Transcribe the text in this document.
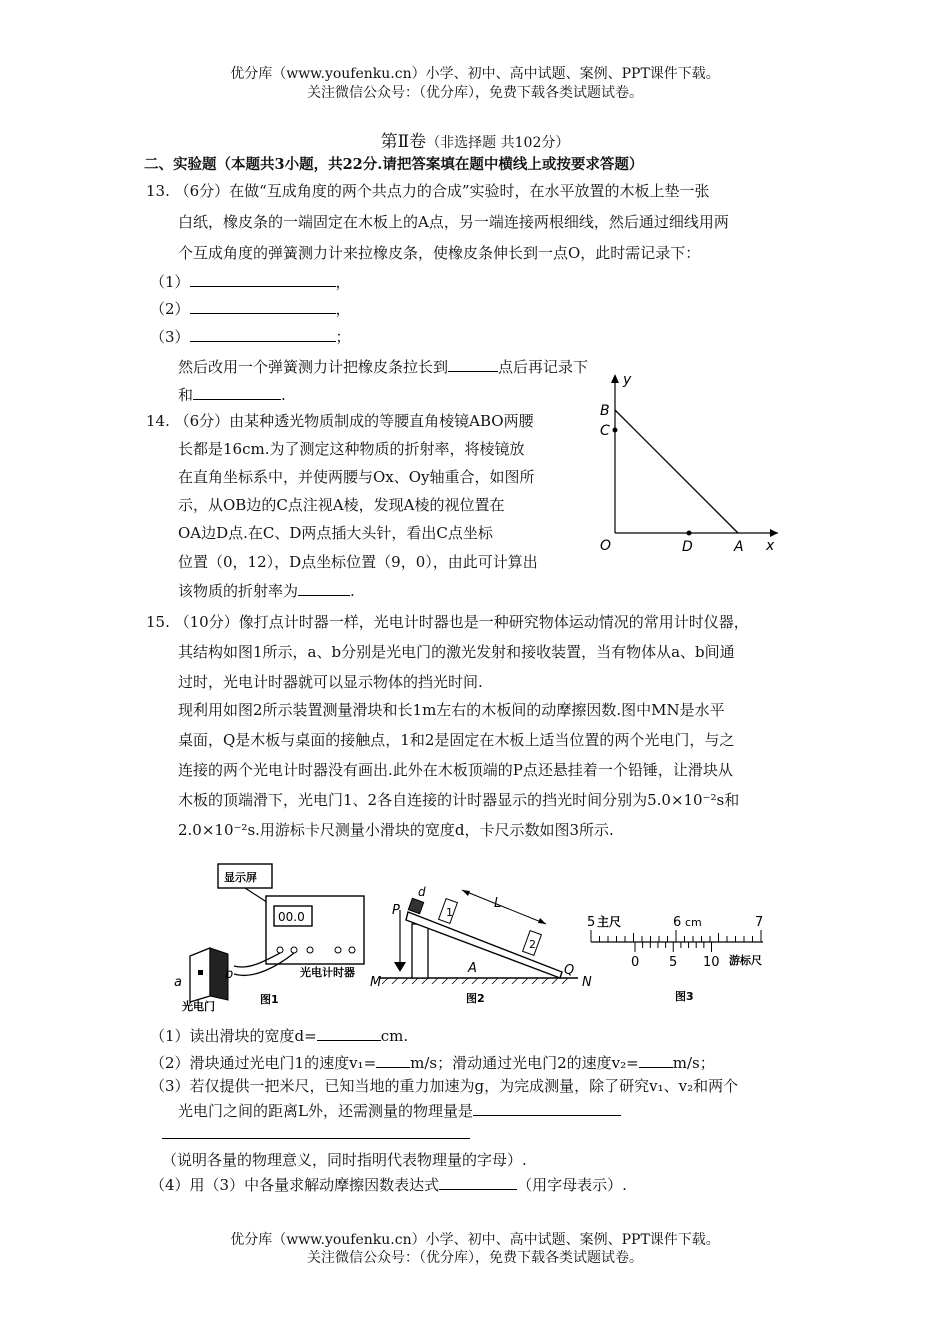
优分库（www.youfenku.cn）小学、初中、高中试题、案例、PPT课件下载。
关注微信公众号：（优分库），免费下载各类试题试卷。
第Ⅱ卷（非选择题 共102分）
二、实验题（本题共3小题，共22分.请把答案填在题中横线上或按要求答题）
13. （6分）在做“互成角度的两个共点力的合成”实验时，在水平放置的木板上垫一张
白纸，橡皮条的一端固定在木板上的A点，另一端连接两根细线，然后通过细线用两
个互成角度的弹簧测力计来拉橡皮条，使橡皮条伸长到一点O，此时需记录下：
（1）	，
（2）	，
（3）	；
然后改用一个弹簧测力计把橡皮条拉长到	点后再记录下
和	.
14. （6分）由某种透光物质制成的等腰直角棱镜ABO两腰
长都是16cm.为了测定这种物质的折射率，将棱镜放
在直角坐标系中，并使两腰与Ox、Oy轴重合，如图所
示，从OB边的C点注视A棱，发现A棱的视位置在
OA边D点.在C、D两点插大头针，看出C点坐标
位置（0，12），D点坐标位置（9，0），由此可计算出
该物质的折射率为	.
y
x
B
C
O	D	A
15. （10分）像打点计时器一样，光电计时器也是一种研究物体运动情况的常用计时仪器，
其结构如图1所示，a、b分别是光电门的激光发射和接收装置，当有物体从a、b间通
过时，光电计时器就可以显示物体的挡光时间.
现利用如图2所示装置测量滑块和长1m左右的木板间的动摩擦因数.图中MN是水平
桌面，Q是木板与桌面的接触点，1和2是固定在木板上适当位置的两个光电门，与之
连接的两个光电计时器没有画出.此外在木板顶端的P点还悬挂着一个铅锤，让滑块从
木板的顶端滑下，光电门1、2各自连接的计时器显示的挡光时间分别为5.0×10⁻²s和
2.0×10⁻²s.用游标卡尺测量小滑块的宽度d，卡尺示数如图3所示.
显示屏
00.0
光电计时器
a
b
光电门
图1
d
P	L
1
2
A	Q
M	N
图2
5 主尺	6 cm	7
0 5 10 游标尺
图3
（1）读出滑块的宽度d=	cm.
（2）滑块通过光电门1的速度v₁= m/s；滑动通过光电门2的速度v₂= m/s；
（3）若仅提供一把米尺，已知当地的重力加速为g，为完成测量，除了研究v₁、v₂和两个
光电门之间的距离L外，还需测量的物理量是
（说明各量的物理意义，同时指明代表物理量的字母）.
（4）用（3）中各量求解动摩擦因数表达式	（用字母表示）.
优分库（www.youfenku.cn）小学、初中、高中试题、案例、PPT课件下载。
关注微信公众号：（优分库），免费下载各类试题试卷。
